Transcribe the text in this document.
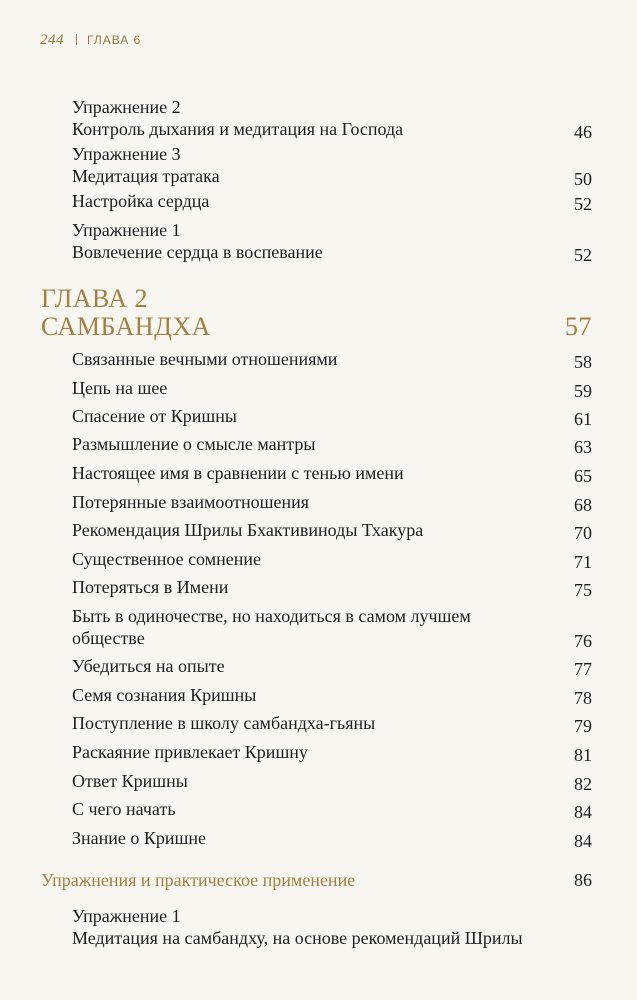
244 ГЛАВА 6
Упражнение 2
Контроль дыхания и медитация на Господа	46
Упражнение 3
Медитация тратака	50
Настройка сердца	52
Упражнение 1
Вовлечение сердца в воспевание	52
ГЛАВА 2
САМБАНДХА	57
Связанные вечными отношениями	58
Цепь на шее	59
Спасение от Кришны	61
Размышление о смысле мантры	63
Настоящее имя в сравнении с тенью имени	65
Потерянные взаимоотношения	68
Рекомендация Шрилы Бхактивиноды Тхакура	70
Существенное сомнение	71
Потеряться в Имени	75
Быть в одиночестве, но находиться в самом лучшем
обществе	76
Убедиться на опыте	77
Семя сознания Кришны	78
Поступление в школу самбандха-гьяны	79
Раскаяние привлекает Кришну	81
Ответ Кришны	82
С чего начать	84
Знание о Кришне	84
Упражнения и практическое применение	86
Упражнение 1
Медитация на самбандху, на основе рекомендаций Шрилы
